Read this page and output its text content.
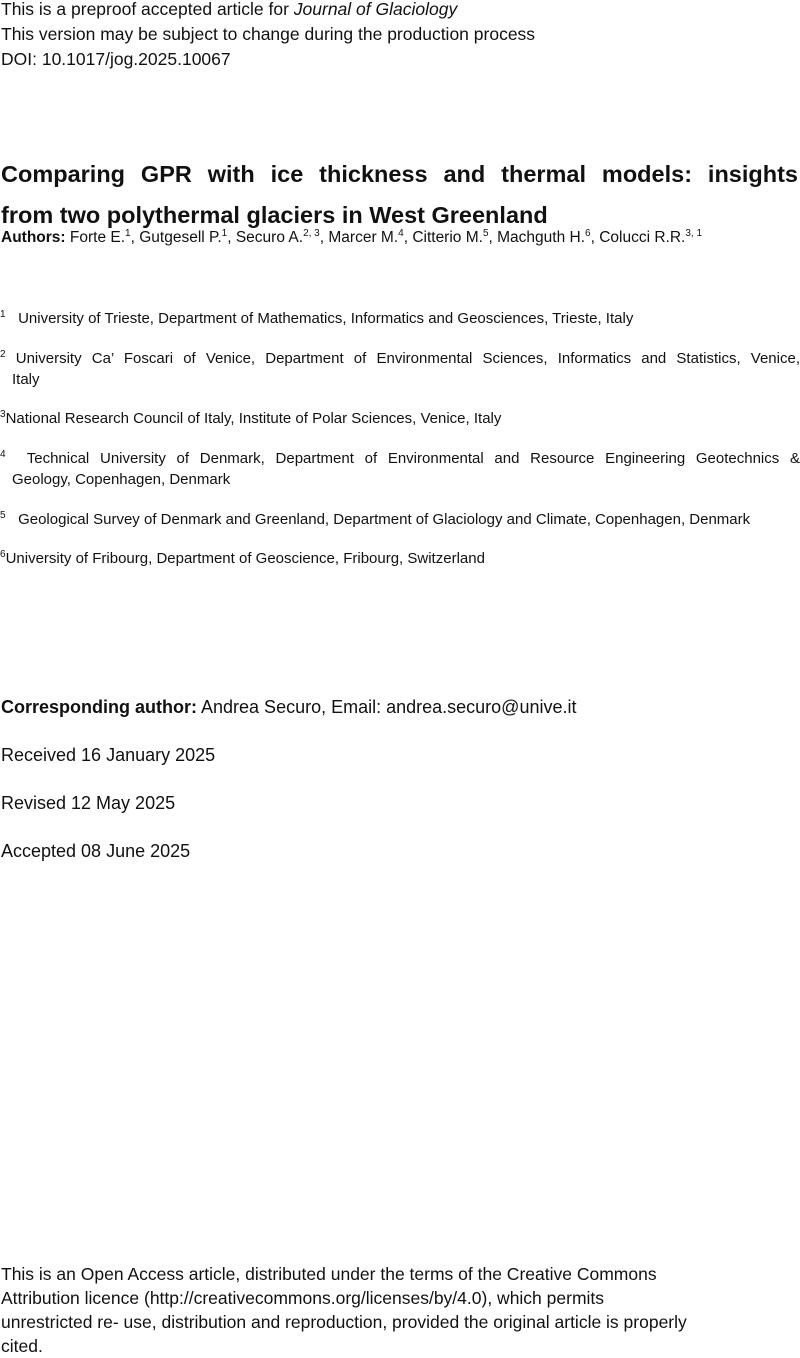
This is a preproof accepted article for Journal of Glaciology
This version may be subject to change during the production process
DOI: 10.1017/jog.2025.10067
Comparing GPR with ice thickness and thermal models: insights
from two polythermal glaciers in West Greenland
Authors: Forte E.$^1$, Gutgesell P.$^1$, Securo A.$^{2, 3}$, Marcer M.$^4$, Citterio M.$^5$, Machguth H.$^6$, Colucci R.R.$^{3, 1}$
$^1$ University of Trieste, Department of Mathematics, Informatics and Geosciences, Trieste, Italy
$^2$ University Ca’ Foscari of Venice, Department of Environmental Sciences, Informatics and Statistics, Venice,
Italy
$^3$National Research Council of Italy, Institute of Polar Sciences, Venice, Italy
$^4$ Technical University of Denmark, Department of Environmental and Resource Engineering Geotechnics &
Geology, Copenhagen, Denmark
$^5$ Geological Survey of Denmark and Greenland, Department of Glaciology and Climate, Copenhagen, Denmark
$^6$University of Fribourg, Department of Geoscience, Fribourg, Switzerland
Corresponding author: Andrea Securo, Email: andrea.securo@unive.it
Received 16 January 2025
Revised 12 May 2025
Accepted 08 June 2025
This is an Open Access article, distributed under the terms of the Creative Commons
Attribution licence (http://creativecommons.org/licenses/by/4.0), which permits
unrestricted re- use, distribution and reproduction, provided the original article is properly
cited.
